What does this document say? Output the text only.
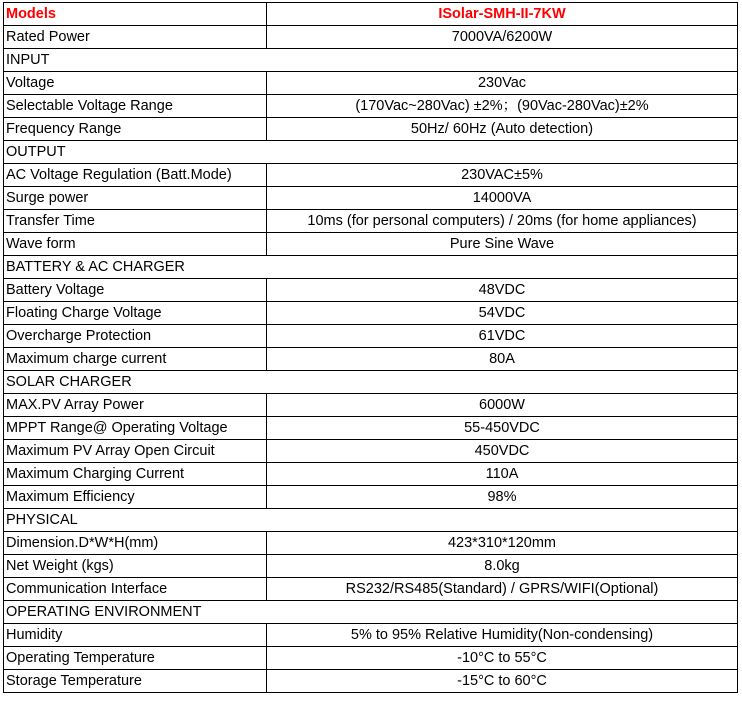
Models	ISolar-SMH-II-7KW
Rated Power	7000VA/6200W
INPUT	
Voltage	230Vac
Selectable Voltage Range	(170Vac~280Vac) ±2%；(90Vac-280Vac)±2%
Frequency Range	50Hz/ 60Hz (Auto detection)
OUTPUT	
AC Voltage Regulation (Batt.Mode)	230VAC±5%
Surge power	14000VA
Transfer Time	10ms (for personal computers) / 20ms (for home appliances)
Wave form	Pure Sine Wave
BATTERY & AC CHARGER	
Battery Voltage	48VDC
Floating Charge Voltage	54VDC
Overcharge Protection	61VDC
Maximum charge current	80A
SOLAR CHARGER	
MAX.PV Array Power	6000W
MPPT Range@ Operating Voltage	55-450VDC
Maximum PV Array Open Circuit	450VDC
Maximum Charging Current	110A
Maximum Efficiency	98%
PHYSICAL	
Dimension.D*W*H(mm)	423*310*120mm
Net Weight (kgs)	8.0kg
Communication Interface	RS232/RS485(Standard) / GPRS/WIFI(Optional)
OPERATING ENVIRONMENT	
Humidity	5% to 95% Relative Humidity(Non-condensing)
Operating Temperature	-10°C to 55°C
Storage Temperature	-15°C to 60°C
